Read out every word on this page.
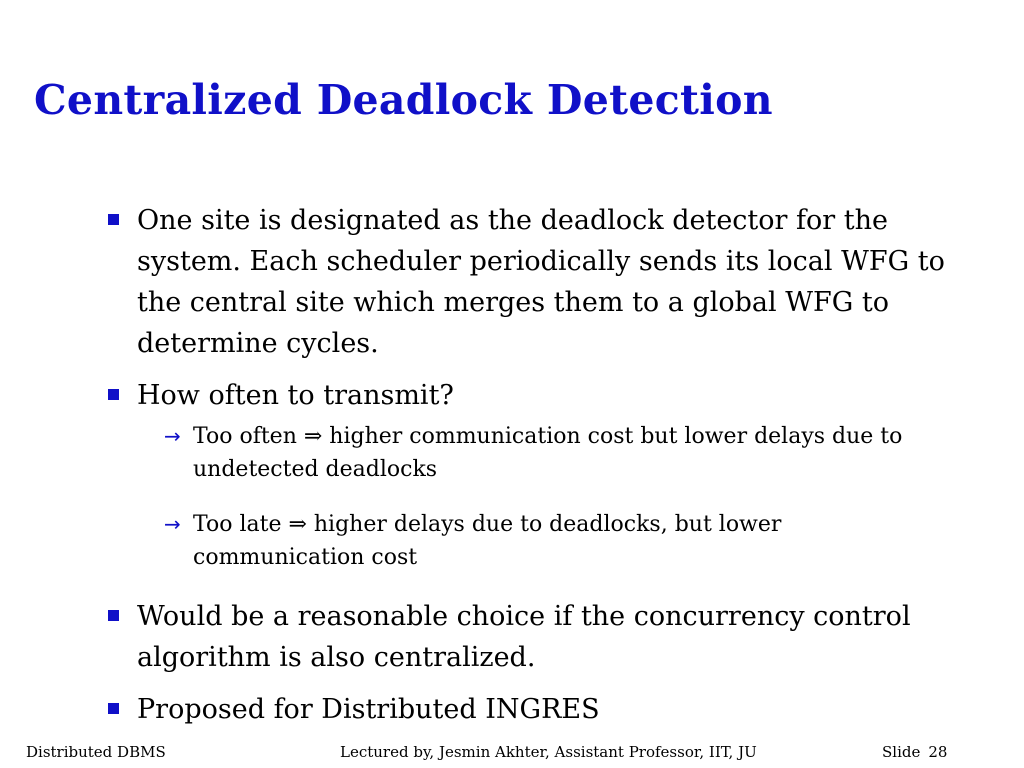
Centralized Deadlock Detection

One site is designated as the deadlock detector for the system. Each scheduler periodically sends its local WFG to the central site which merges them to a global WFG to determine cycles.

How often to transmit?

→ Too often ⇒ higher communication cost but lower delays due to undetected deadlocks

→ Too late ⇒ higher delays due to deadlocks, but lower communication cost

Would be a reasonable choice if the concurrency control algorithm is also centralized.

Proposed for Distributed INGRES

Distributed DBMS	Lectured by, Jesmin Akhter, Assistant Professor, IIT, JU	Slide 28
